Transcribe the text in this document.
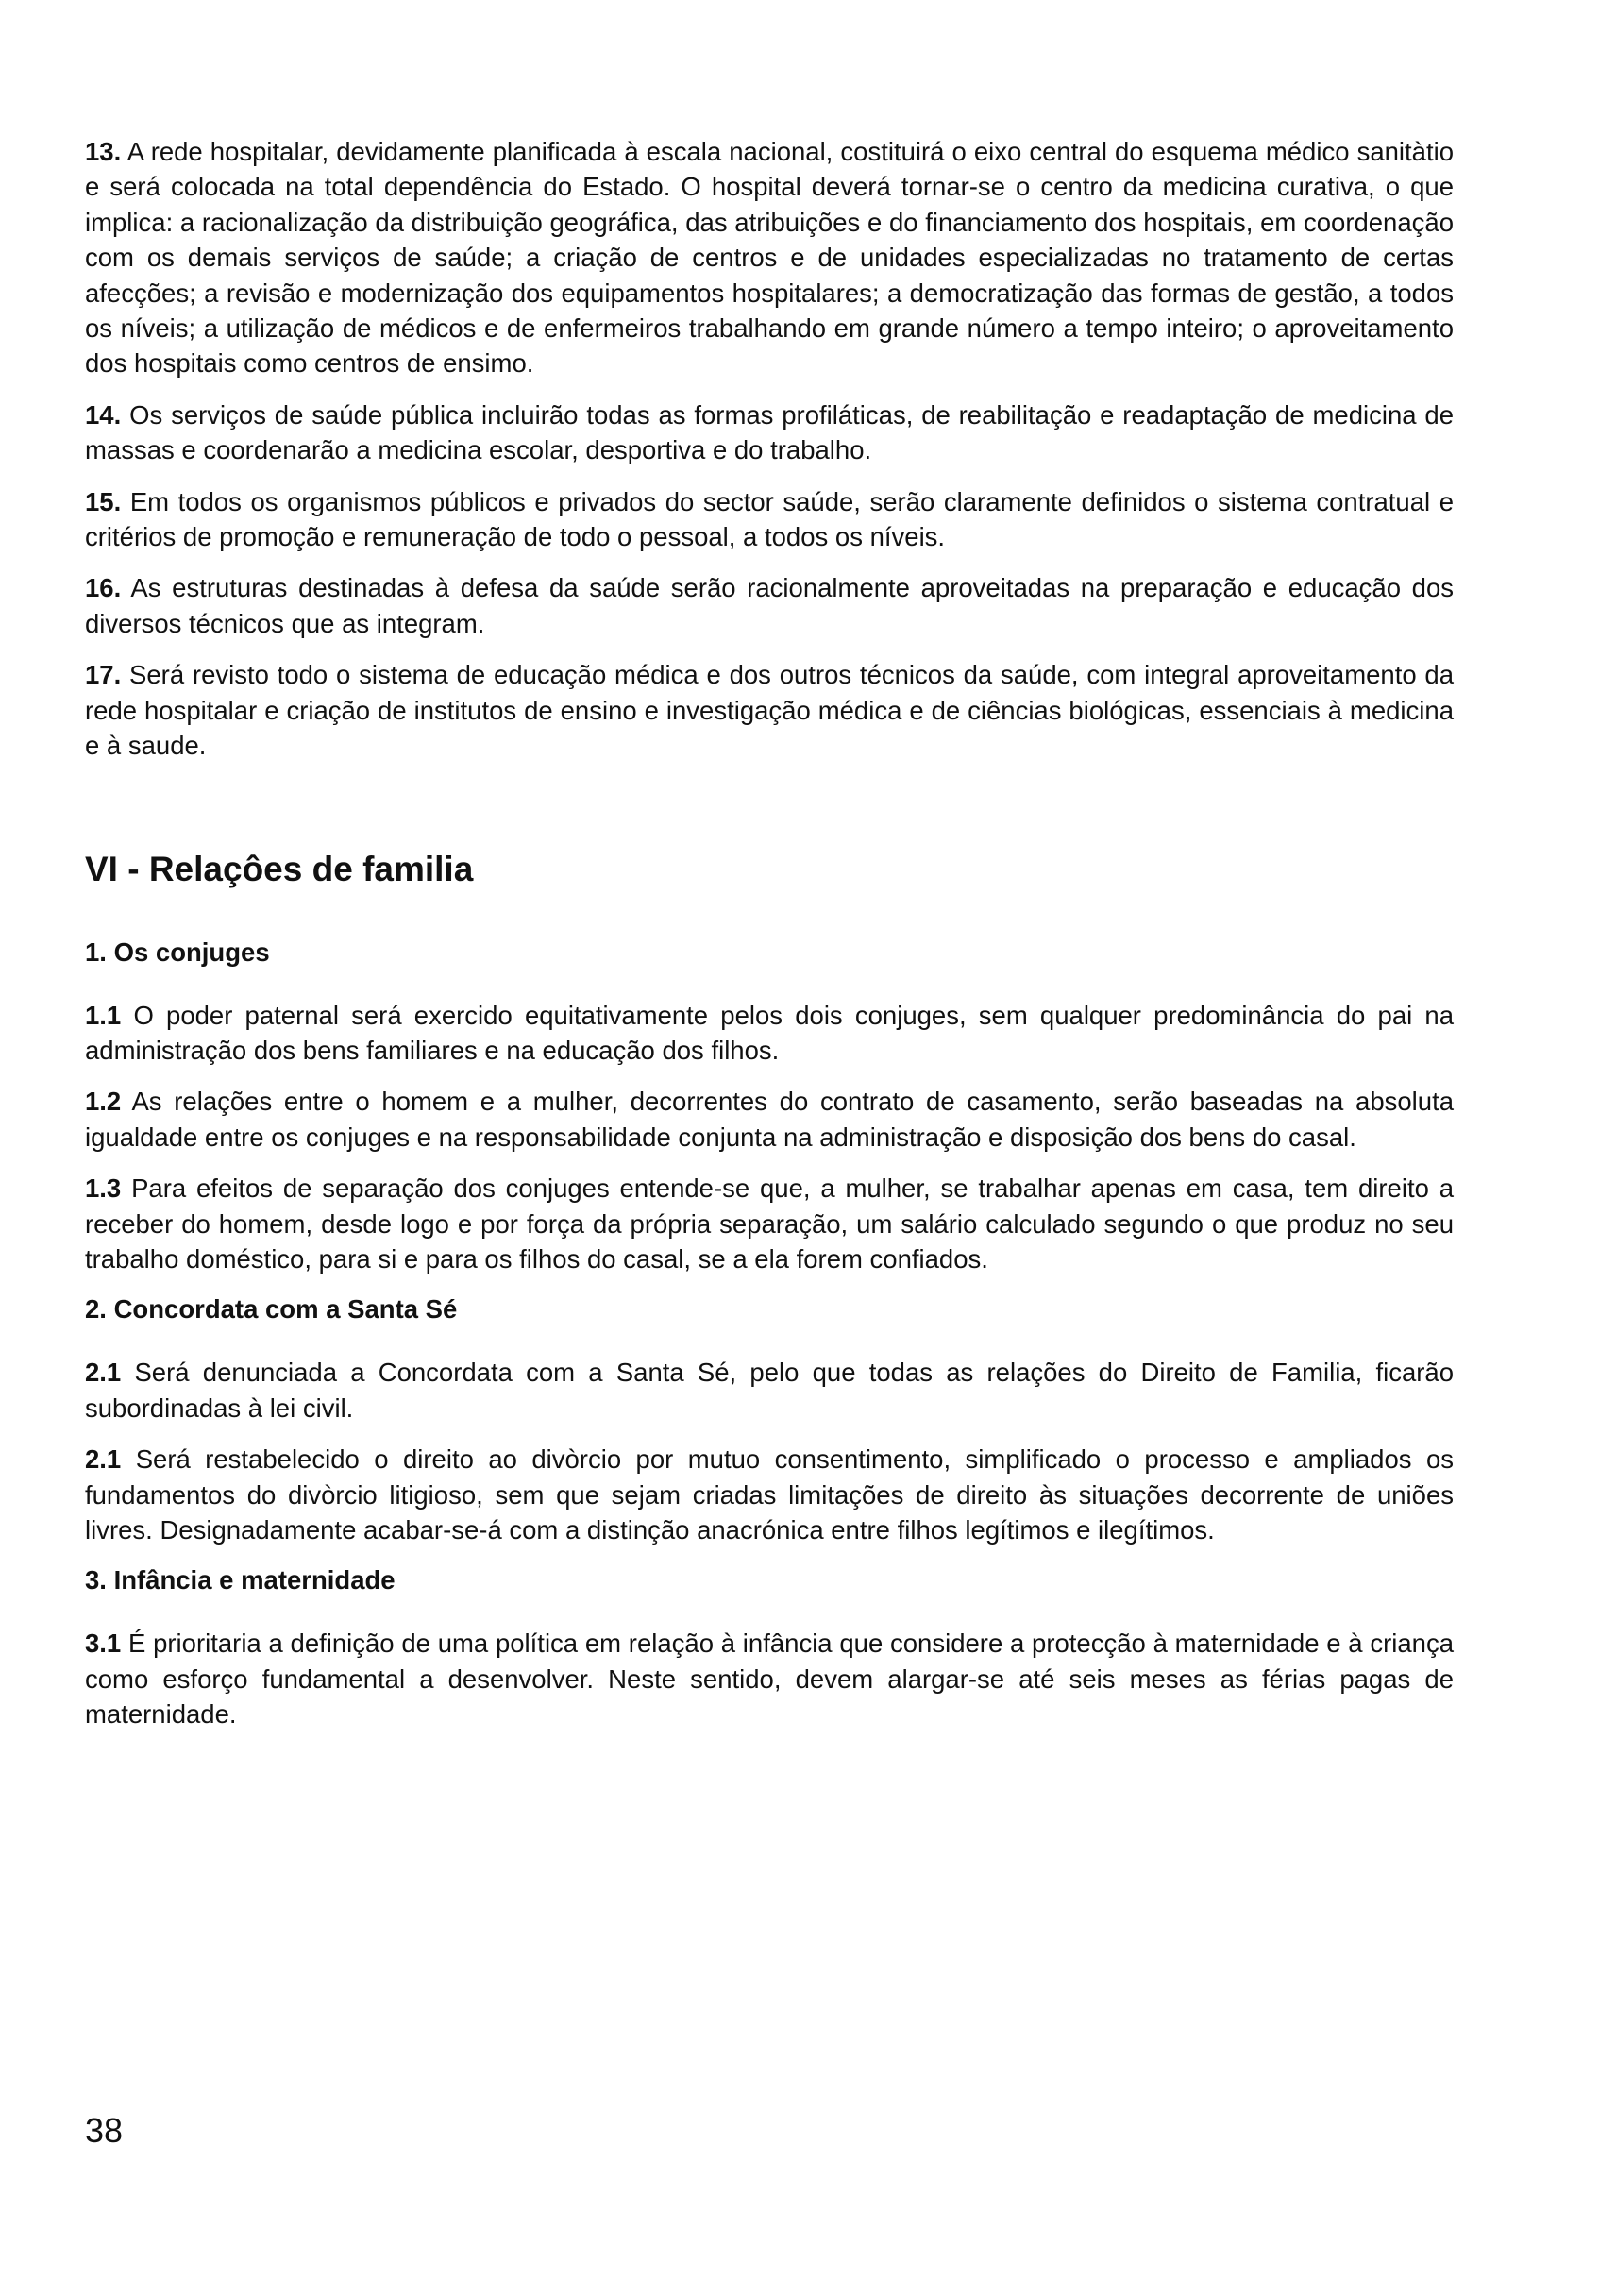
13. A rede hospitalar, devidamente planificada à escala nacional, costituirá o eixo central do esquema médico sanitàtio e será colocada na total dependência do Estado. O hospital deverá tornar-se o centro da medicina curativa, o que implica: a racionalização da distribuição geográfica, das atribuições e do financiamento dos hospitais, em coordenação com os demais serviços de saúde; a criação de centros e de unidades especializadas no tratamento de certas afecções; a revisão e modernização dos equipamentos hospitalares; a democratização das formas de gestão, a todos os níveis; a utilização de médicos e de enfermeiros trabalhando em grande número a tempo inteiro; o aproveitamento dos hospitais como centros de ensimo.

14. Os serviços de saúde pública incluirão todas as formas profiláticas, de reabilitação e readaptação de medicina de massas e coordenarão a medicina escolar, desportiva e do trabalho.

15. Em todos os organismos públicos e privados do sector saúde, serão claramente definidos o sistema contratual e critérios de promoção e remuneração de todo o pessoal, a todos os níveis.

16. As estruturas destinadas à defesa da saúde serão racionalmente aproveitadas na preparação e educação dos diversos técnicos que as integram.

17. Será revisto todo o sistema de educação médica e dos outros técnicos da saúde, com integral aproveitamento da rede hospitalar e criação de institutos de ensino e investigação médica e de ciências biológicas, essenciais à medicina e à saude.

VI - Relaçôes de familia
1. Os conjuges

1.1 O poder paternal será exercido equitativamente pelos dois conjuges, sem qualquer predominância do pai na administração dos bens familiares e na educação dos filhos.

1.2 As relações entre o homem e a mulher, decorrentes do contrato de casamento, serão baseadas na absoluta igualdade entre os conjuges e na responsabilidade conjunta na administração e disposição dos bens do casal.

1.3 Para efeitos de separação dos conjuges entende-se que, a mulher, se trabalhar apenas em casa, tem direito a receber do homem, desde logo e por força da própria separação, um salário calculado segundo o que produz no seu trabalho doméstico, para si e para os filhos do casal, se a ela forem confiados.

2. Concordata com a Santa Sé

2.1 Será denunciada a Concordata com a Santa Sé, pelo que todas as relações do Direito de Familia, ficarão subordinadas à lei civil.

2.1 Será restabelecido o direito ao divòrcio por mutuo consentimento, simplificado o processo e ampliados os fundamentos do divòrcio litigioso, sem que sejam criadas limitações de direito às situações decorrente de uniões livres. Designadamente acabar-se-á com a distinção anacrónica entre filhos legítimos e ilegítimos.

3. Infância e maternidade

3.1 É prioritaria a definição de uma política em relação à infância que considere a protecção à maternidade e à criança como esforço fundamental a desenvolver. Neste sentido, devem alargar-se até seis meses as férias pagas de maternidade.

38
